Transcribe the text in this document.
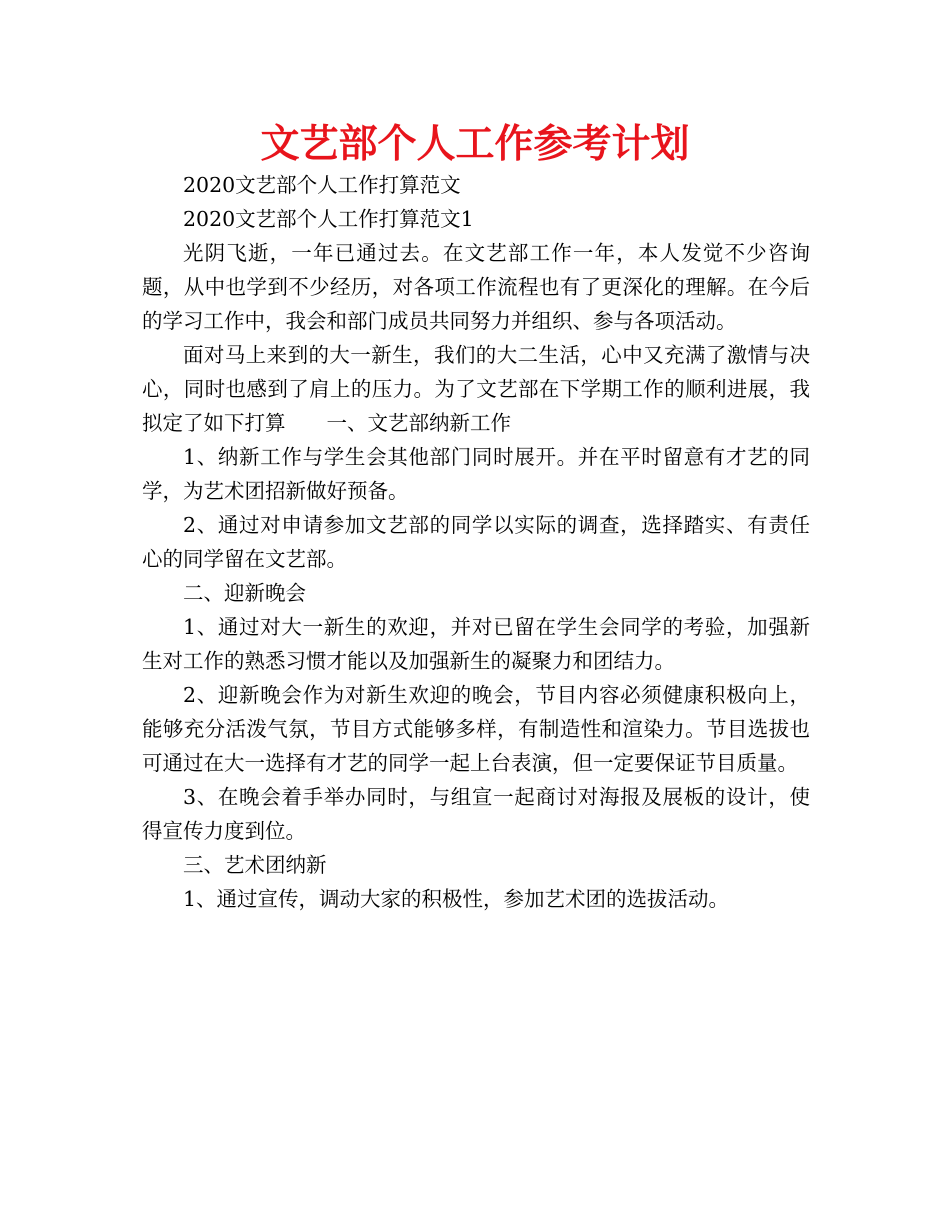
文艺部个人工作参考计划

2020文艺部个人工作打算范文

2020文艺部个人工作打算范文1

光阴飞逝，一年已通过去。在文艺部工作一年，本人发觉不少咨询题，从中也学到不少经历，对各项工作流程也有了更深化的理解。在今后的学习工作中，我会和部门成员共同努力并组织、参与各项活动。

面对马上来到的大一新生，我们的大二生活，心中又充满了激情与决心，同时也感到了肩上的压力。为了文艺部在下学期工作的顺利进展，我拟定了如下打算　　一、文艺部纳新工作

1、纳新工作与学生会其他部门同时展开。并在平时留意有才艺的同学，为艺术团招新做好预备。

2、通过对申请参加文艺部的同学以实际的调查，选择踏实、有责任心的同学留在文艺部。

二、迎新晚会

1、通过对大一新生的欢迎，并对已留在学生会同学的考验，加强新生对工作的熟悉习惯才能以及加强新生的凝聚力和团结力。

2、迎新晚会作为对新生欢迎的晚会，节目内容必须健康积极向上，能够充分活泼气氛，节目方式能够多样，有制造性和渲染力。节目选拔也可通过在大一选择有才艺的同学一起上台表演，但一定要保证节目质量。

3、在晚会着手举办同时，与组宣一起商讨对海报及展板的设计，使得宣传力度到位。

三、艺术团纳新

1、通过宣传，调动大家的积极性，参加艺术团的选拔活动。
